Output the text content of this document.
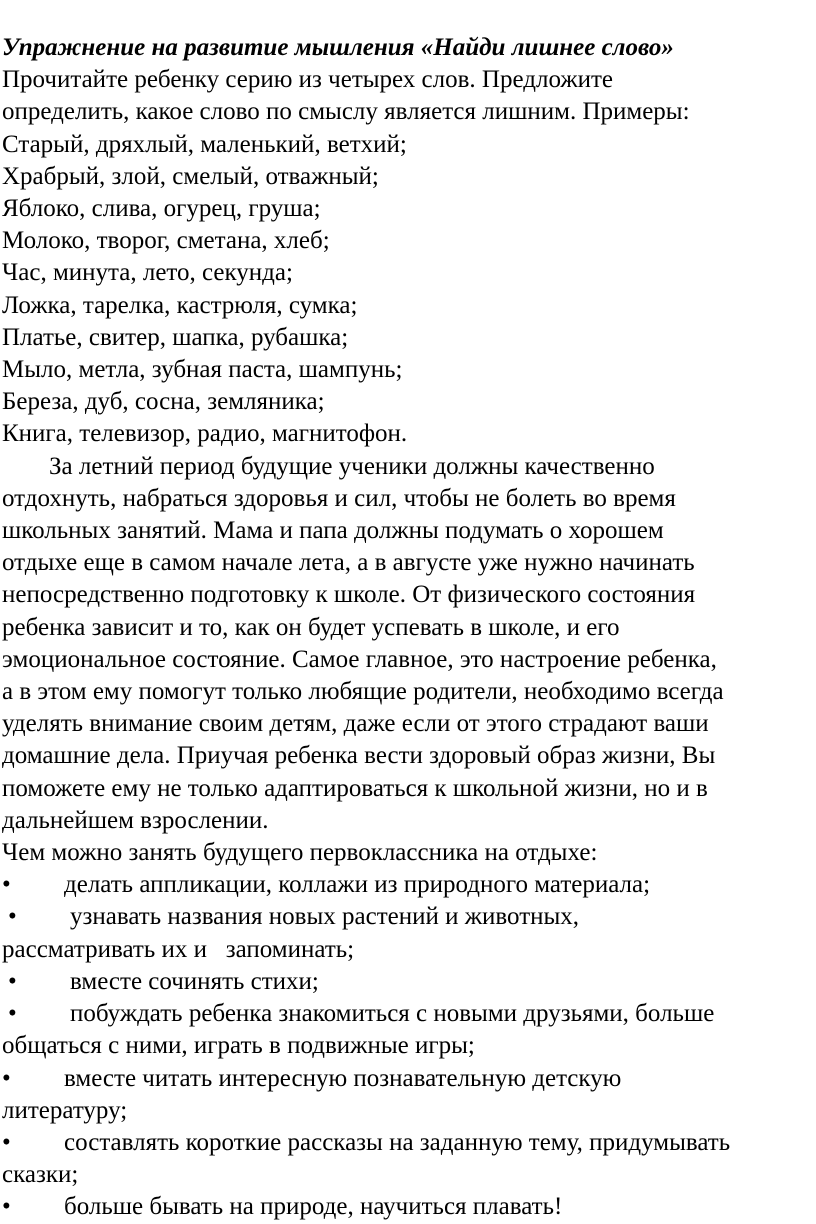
Упражнение на развитие мышления «Найди лишнее слово»
Прочитайте ребенку серию из четырех слов. Предложите
определить, какое слово по смыслу является лишним. Примеры:
Старый, дряхлый, маленький, ветхий;
Храбрый, злой, смелый, отважный;
Яблоко, слива, огурец, груша;
Молоко, творог, сметана, хлеб;
Час, минута, лето, секунда;
Ложка, тарелка, кастрюля, сумка;
Платье, свитер, шапка, рубашка;
Мыло, метла, зубная паста, шампунь;
Береза, дуб, сосна, земляника;
Книга, телевизор, радио, магнитофон.
За летний период будущие ученики должны качественно
отдохнуть, набраться здоровья и сил, чтобы не болеть во время
школьных занятий. Мама и папа должны подумать о хорошем
отдыхе еще в самом начале лета, а в августе уже нужно начинать
непосредственно подготовку к школе. От физического состояния
ребенка зависит и то, как он будет успевать в школе, и его
эмоциональное состояние. Самое главное, это настроение ребенка,
а в этом ему помогут только любящие родители, необходимо всегда
уделять внимание своим детям, даже если от этого страдают ваши
домашние дела. Приучая ребенка вести здоровый образ жизни, Вы
поможете ему не только адаптироваться к школьной жизни, но и в
дальнейшем взрослении.
Чем можно занять будущего первоклассника на отдыхе:
• делать аппликации, коллажи из природного материала;
• узнавать названия новых растений и животных,
рассматривать их и   запоминать;
• вместе сочинять стихи;
• побуждать ребенка знакомиться с новыми друзьями, больше
общаться с ними, играть в подвижные игры;
• вместе читать интересную познавательную детскую
литературу;
• составлять короткие рассказы на заданную тему, придумывать
сказки;
• больше бывать на природе, научиться плавать!
